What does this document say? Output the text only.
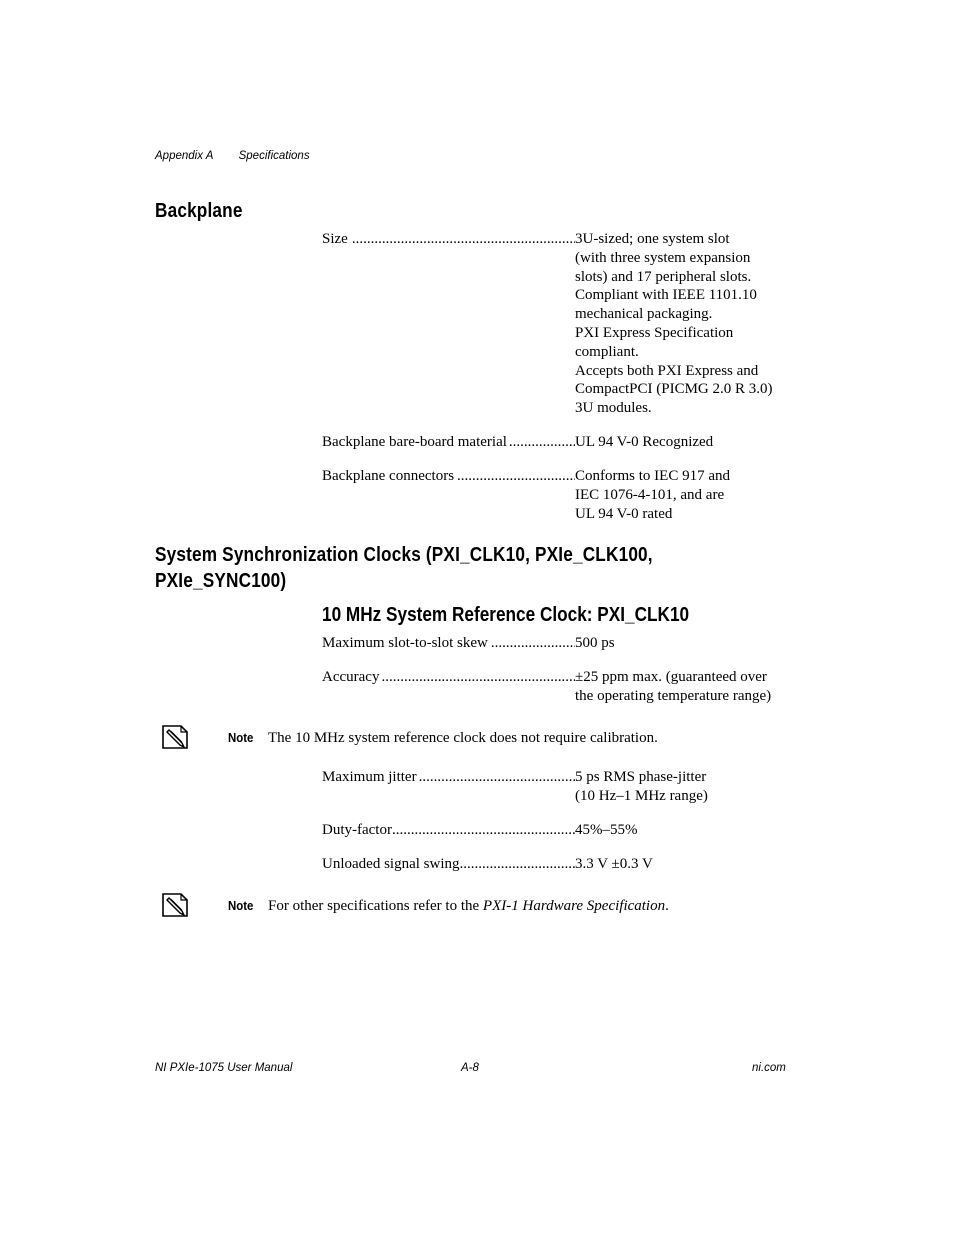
Appendix A Specifications
Backplane
Size .....	3U-sized; one system slot
(with three system expansion
slots) and 17 peripheral slots.
Compliant with IEEE 1101.10
mechanical packaging.
PXI Express Specification
compliant.
Accepts both PXI Express and
CompactPCI (PICMG 2.0 R 3.0)
3U modules.
Backplane bare-board material .....	UL 94 V-0 Recognized
Backplane connectors .....	Conforms to IEC 917 and
IEC 1076-4-101, and are
UL 94 V-0 rated
System Synchronization Clocks (PXI_CLK10, PXIe_CLK100,
PXIe_SYNC100)
10 MHz System Reference Clock: PXI_CLK10
Maximum slot-to-slot skew .....	500 ps
Accuracy .....	±25 ppm max. (guaranteed over
the operating temperature range)
Note The 10 MHz system reference clock does not require calibration.
Maximum jitter .....	5 ps RMS phase-jitter
(10 Hz–1 MHz range)
Duty-factor .....	45%–55%
Unloaded signal swing .....	3.3 V ±0.3 V
Note For other specifications refer to the PXI-1 Hardware Specification.
NI PXIe-1075 User Manual	A-8	ni.com
